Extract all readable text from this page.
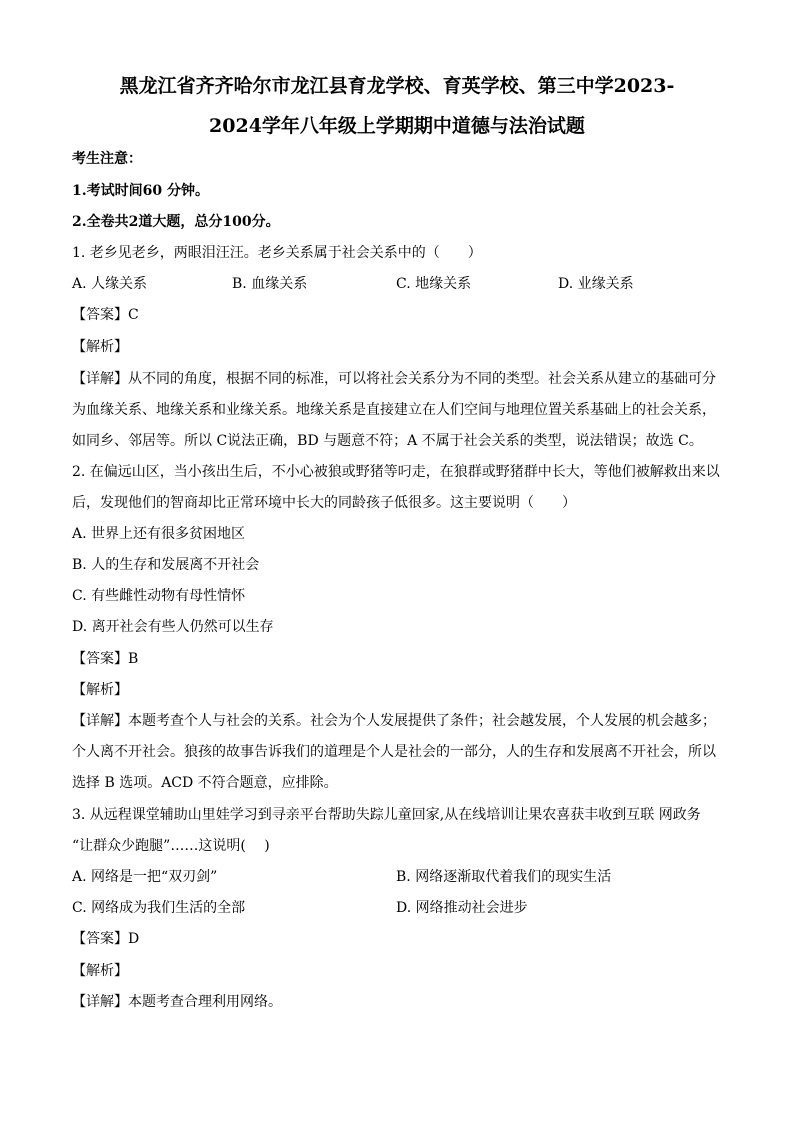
黑龙江省齐齐哈尔市龙江县育龙学校、育英学校、第三中学2023-
2024学年八年级上学期期中道德与法治试题
考生注意：
1.考试时间60 分钟。
2.全卷共2道大题，总分100分。
1. 老乡见老乡，两眼泪汪汪。老乡关系属于社会关系中的（　　）
A. 人缘关系	B. 血缘关系	C. 地缘关系	D. 业缘关系
【答案】C
【解析】
【详解】从不同的角度，根据不同的标准，可以将社会关系分为不同的类型。社会关系从建立的基础可分
为血缘关系、地缘关系和业缘关系。地缘关系是直接建立在人们空间与地理位置关系基础上的社会关系，
如同乡、邻居等。所以 C说法正确，BD 与题意不符；A 不属于社会关系的类型，说法错误；故选 C。
2. 在偏远山区，当小孩出生后，不小心被狼或野猪等叼走，在狼群或野猪群中长大，等他们被解救出来以
后，发现他们的智商却比正常环境中长大的同龄孩子低很多。这主要说明（　　）
A. 世界上还有很多贫困地区
B. 人的生存和发展离不开社会
C. 有些雌性动物有母性情怀
D. 离开社会有些人仍然可以生存
【答案】B
【解析】
【详解】本题考查个人与社会的关系。社会为个人发展提供了条件；社会越发展，个人发展的机会越多；
个人离不开社会。狼孩的故事告诉我们的道理是个人是社会的一部分，人的生存和发展离不开社会，所以
选择 B 选项。ACD 不符合题意，应排除。
3. 从远程课堂辅助山里娃学习到寻亲平台帮助失踪儿童回家,从在线培训让果农喜获丰收到互联 网政务
“让群众少跑腿”……这说明(　 )
A. 网络是一把“双刃剑”	B. 网络逐渐取代着我们的现实生活
C. 网络成为我们生活的全部	D. 网络推动社会进步
【答案】D
【解析】
【详解】本题考查合理利用网络。
